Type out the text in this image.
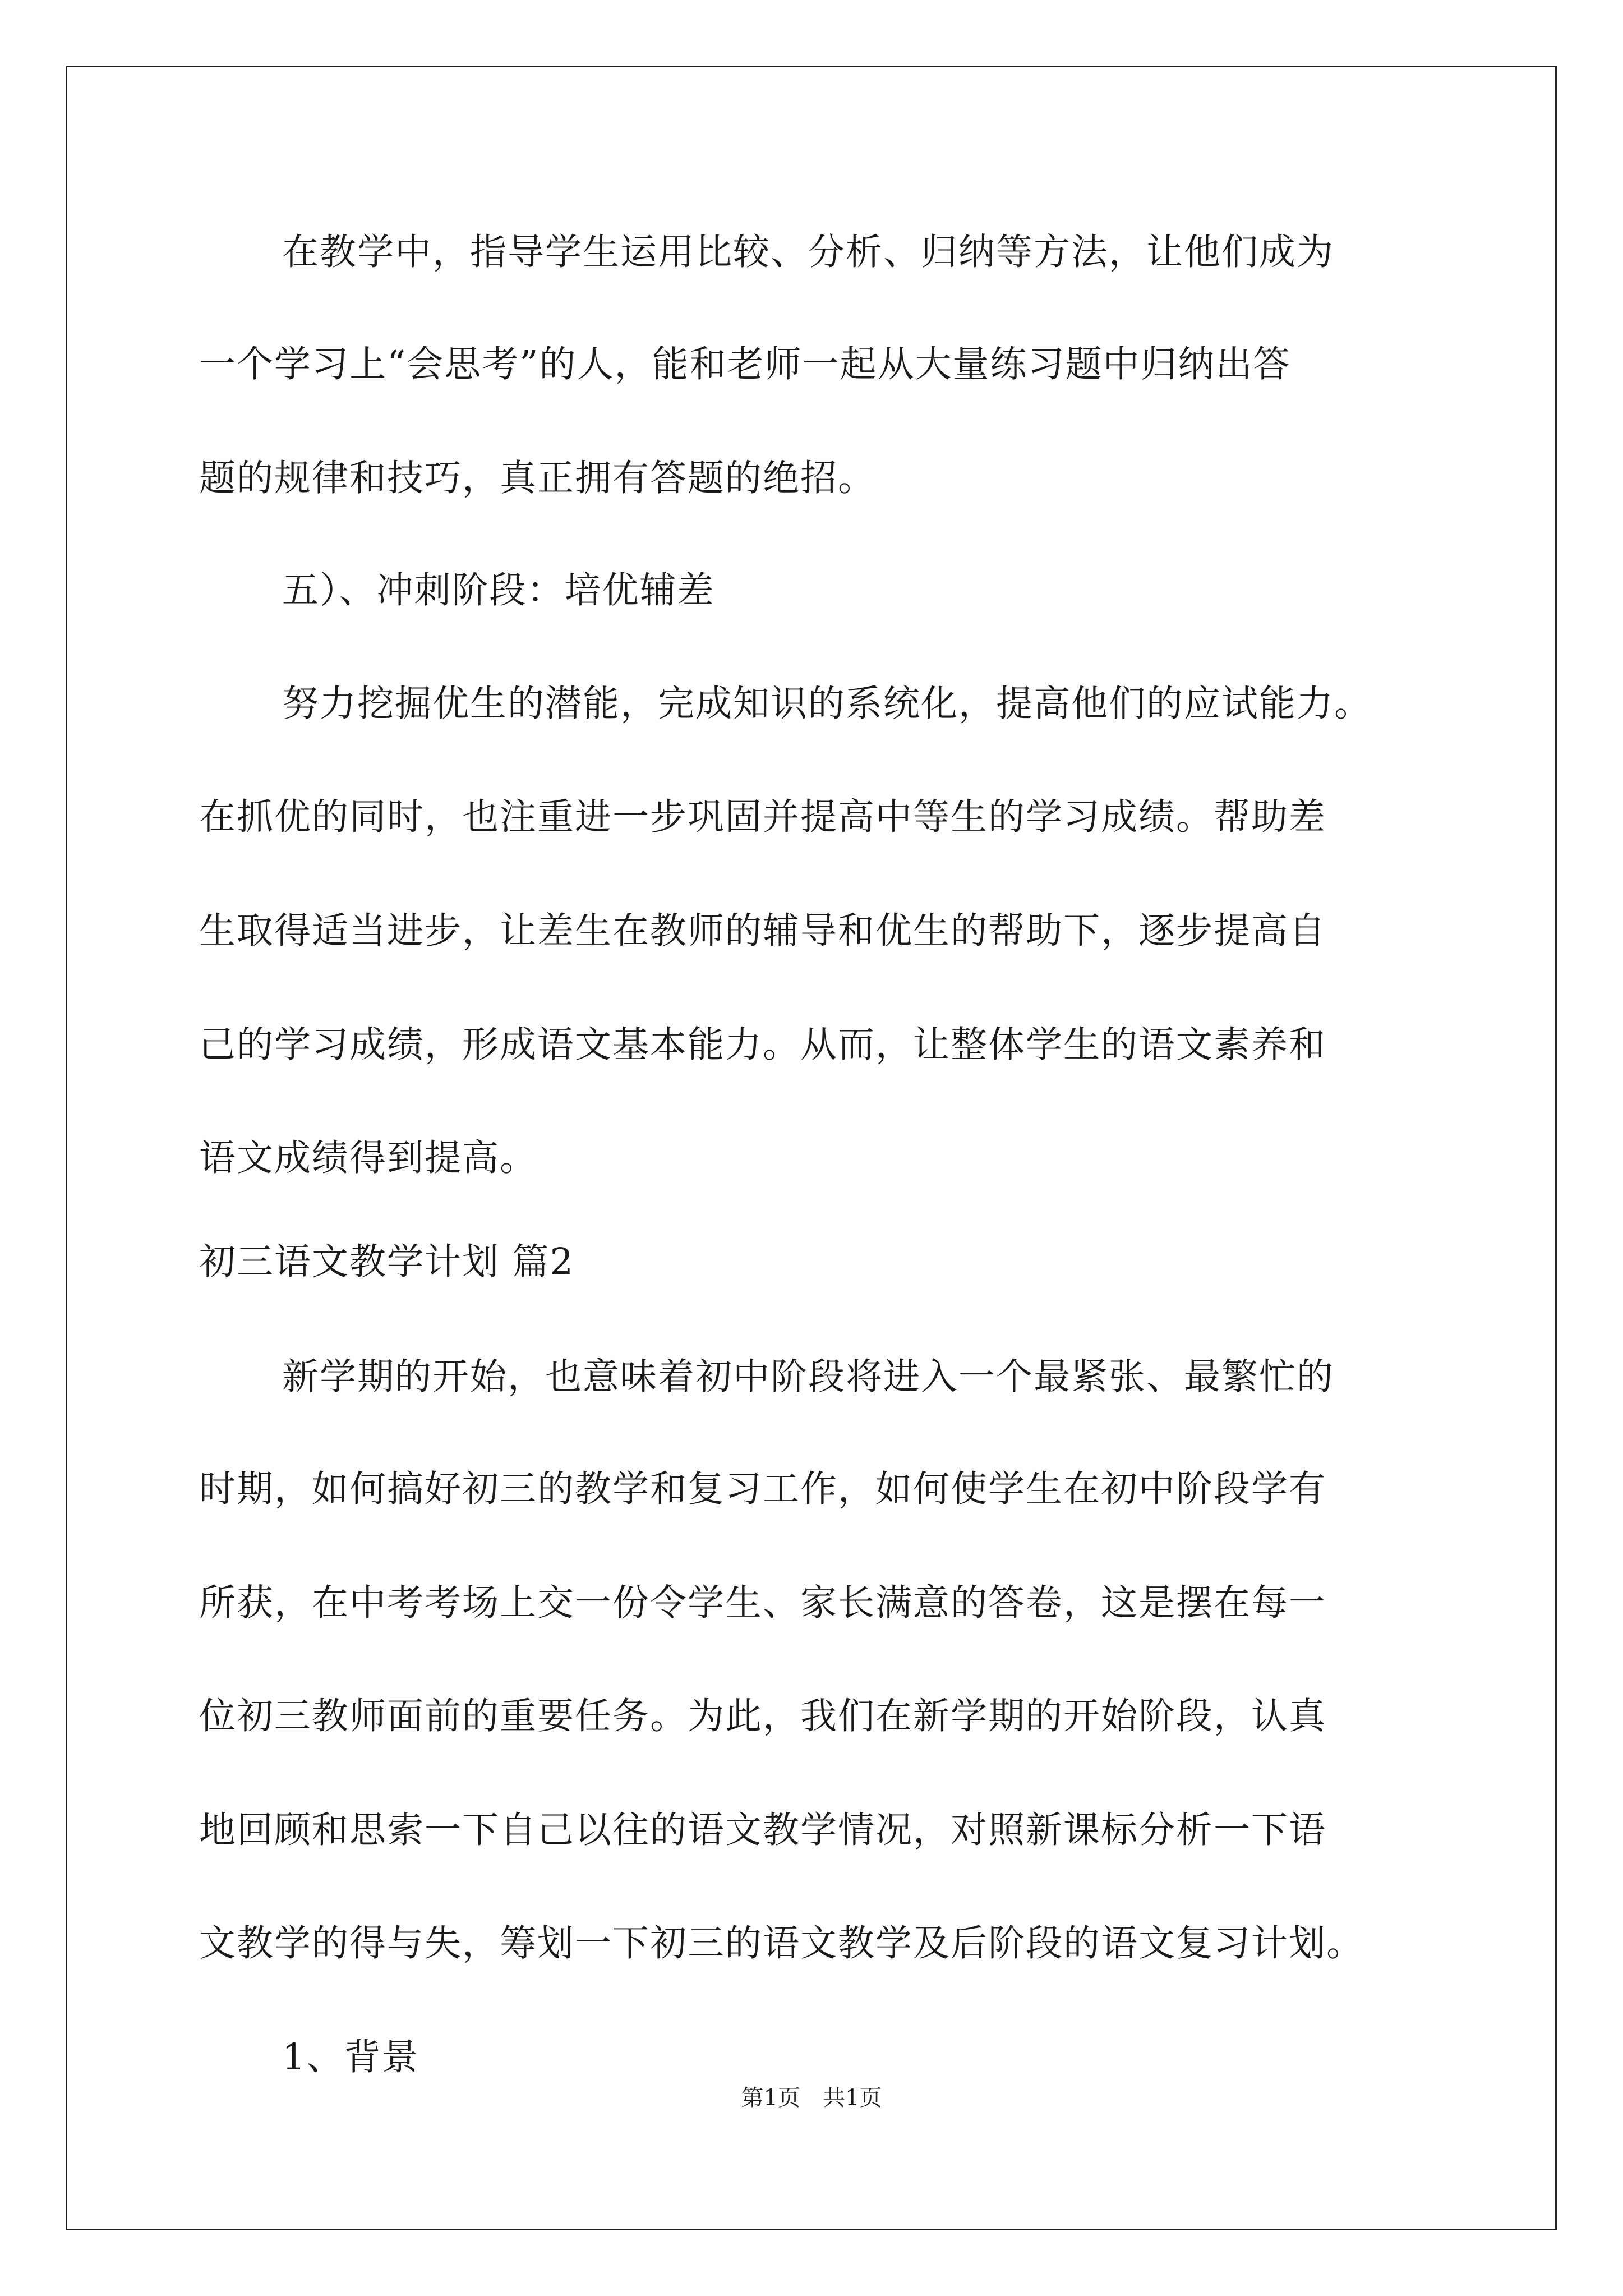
在教学中，指导学生运用比较、分析、归纳等方法，让他们成为
一个学习上“会思考”的人，能和老师一起从大量练习题中归纳出答
题的规律和技巧，真正拥有答题的绝招。
五）、冲刺阶段：培优辅差
努力挖掘优生的潜能，完成知识的系统化，提高他们的应试能力。
在抓优的同时，也注重进一步巩固并提高中等生的学习成绩。帮助差
生取得适当进步，让差生在教师的辅导和优生的帮助下，逐步提高自
己的学习成绩，形成语文基本能力。从而，让整体学生的语文素养和
语文成绩得到提高。
初三语文教学计划 篇2
新学期的开始，也意味着初中阶段将进入一个最紧张、最繁忙的
时期，如何搞好初三的教学和复习工作，如何使学生在初中阶段学有
所获，在中考考场上交一份令学生、家长满意的答卷，这是摆在每一
位初三教师面前的重要任务。为此，我们在新学期的开始阶段，认真
地回顾和思索一下自己以往的语文教学情况，对照新课标分析一下语
文教学的得与失，筹划一下初三的语文教学及后阶段的语文复习计划。
1、背景
第1页　共1页
